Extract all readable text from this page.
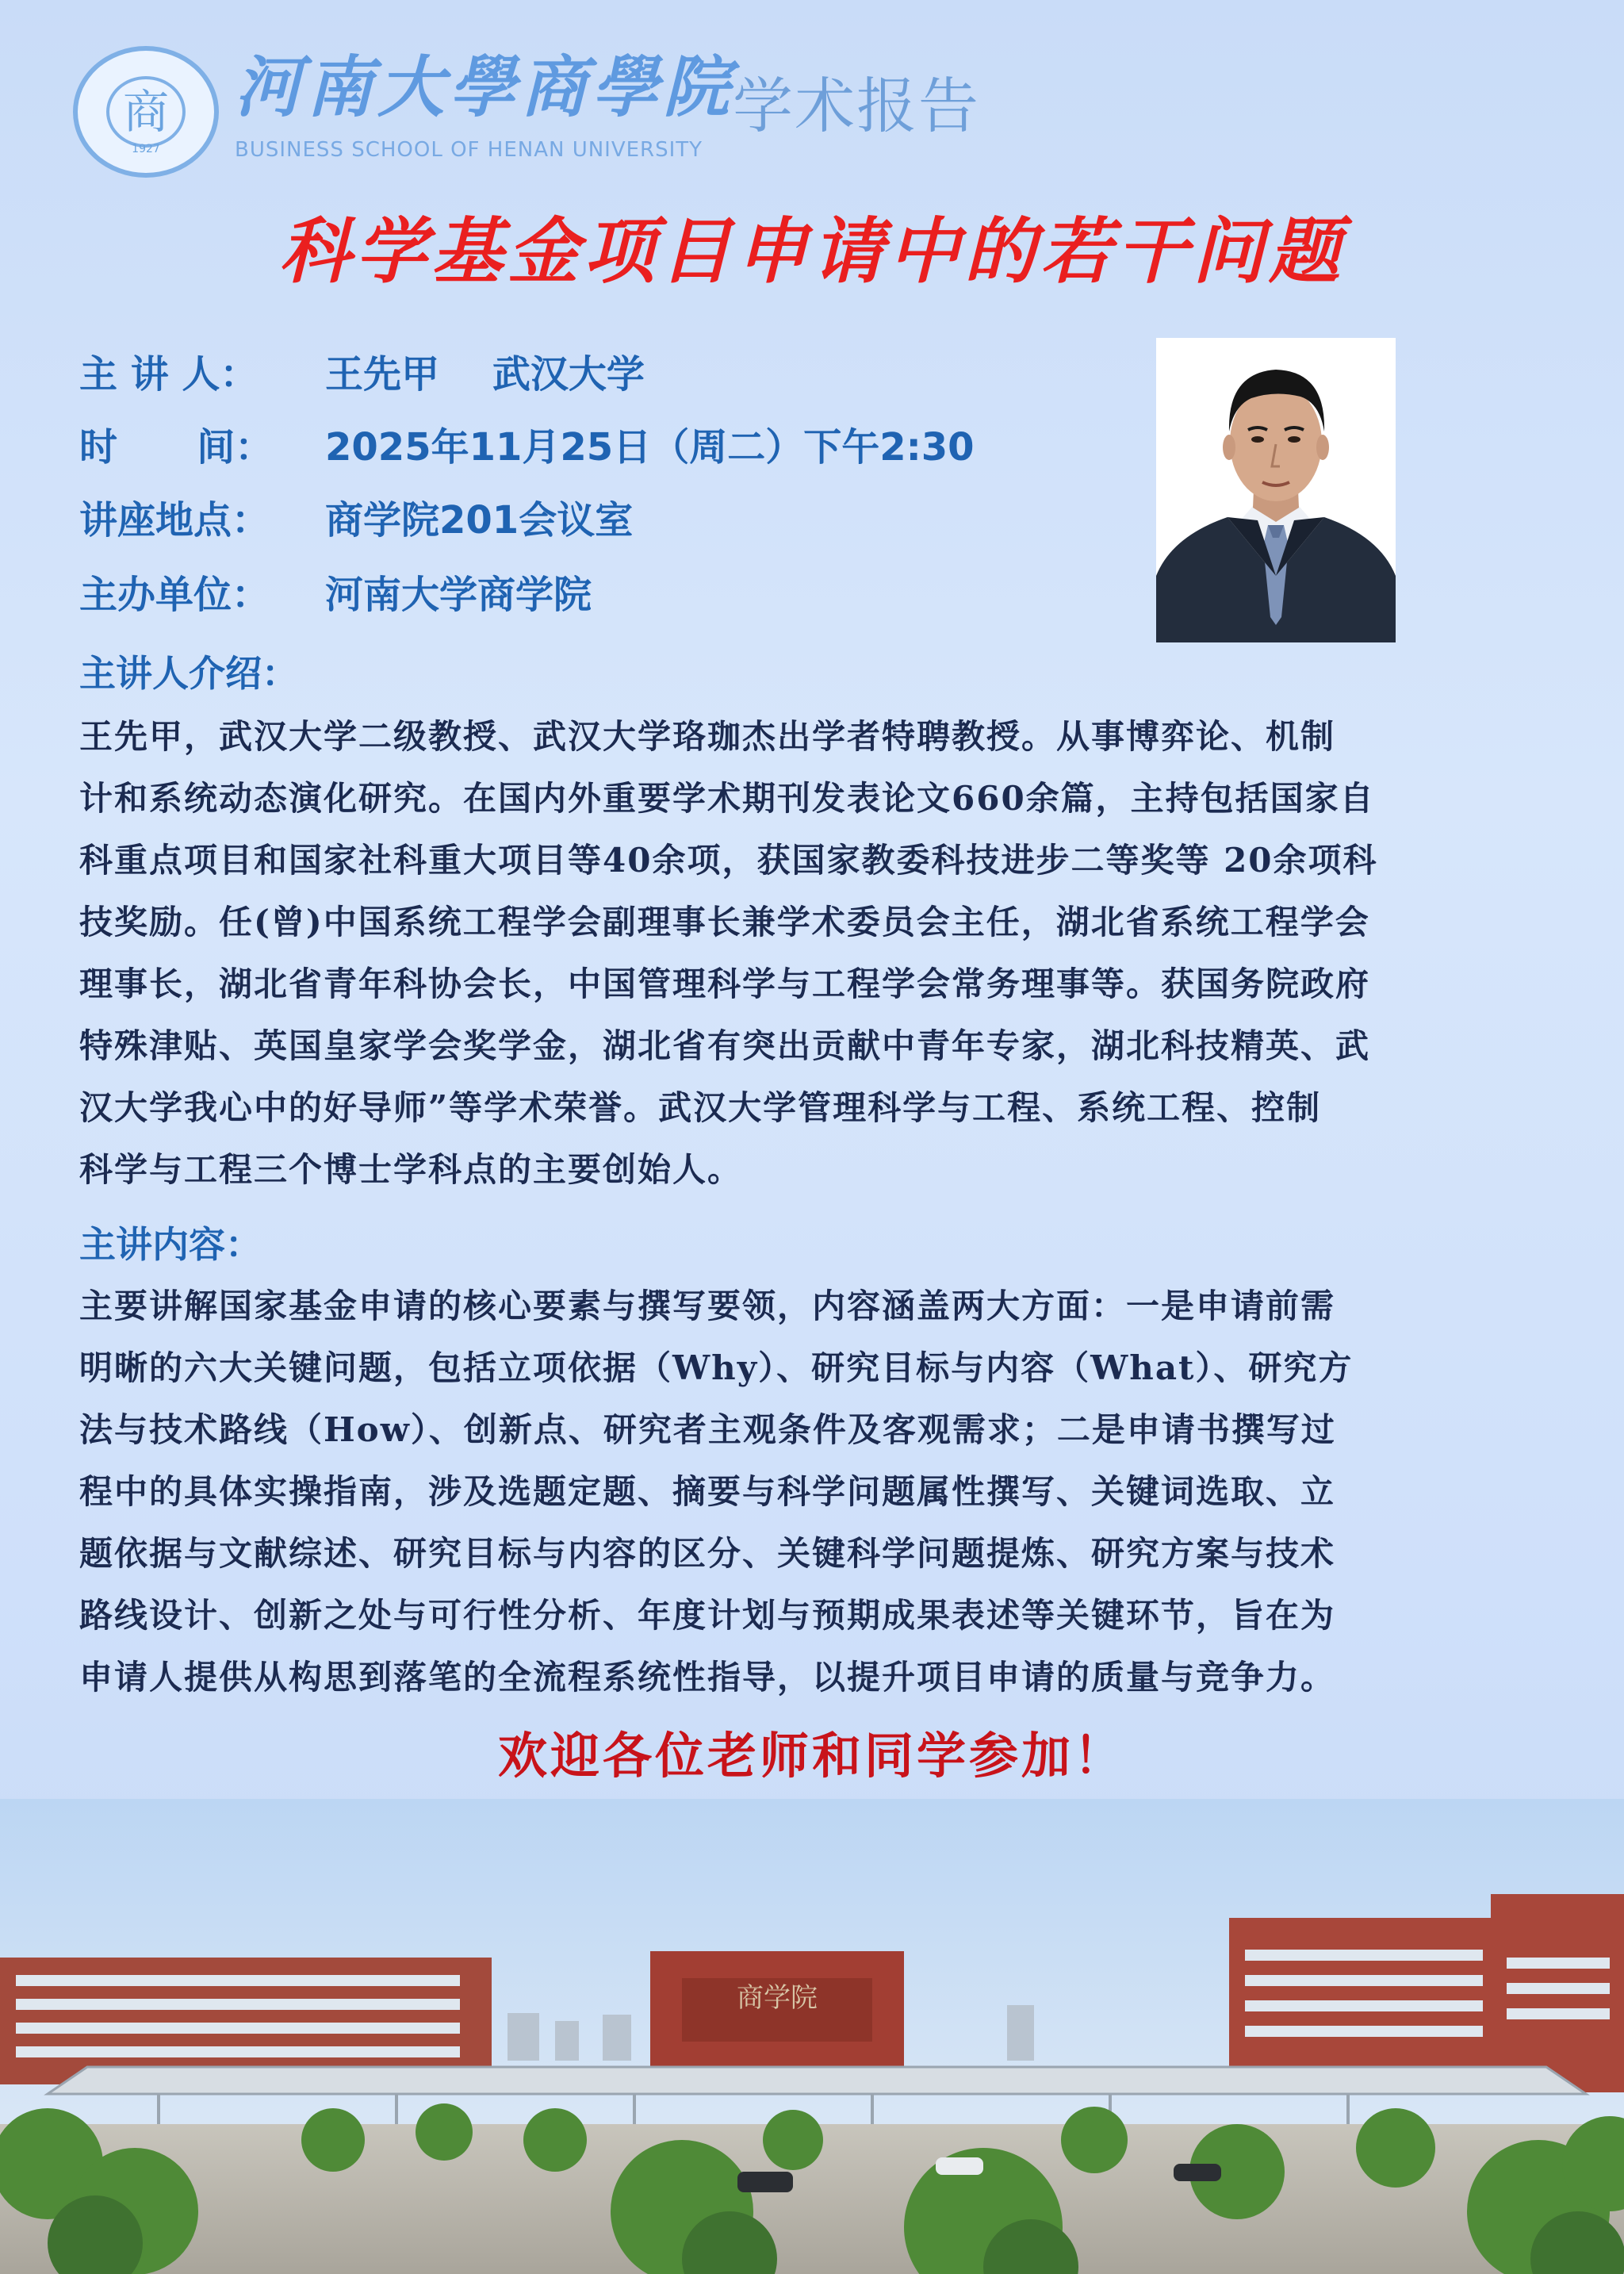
商
1927
河南大學商學院
BUSINESS SCHOOL OF HENAN UNIVERSITY
学术报告
科学基金项目申请中的若干问题
主 讲 人： 王先甲    武汉大学
时      间： 2025年11月25日（周二）下午2:30
讲座地点： 商学院201会议室
主办单位： 河南大学商学院
主讲人介绍：
王先甲，武汉大学二级教授、武汉大学珞珈杰出学者特聘教授。从事博弈论、机制
计和系统动态演化研究。在国内外重要学术期刊发表论文660余篇，主持包括国家自
科重点项目和国家社科重大项目等40余项，获国家教委科技进步二等奖等 20余项科
技奖励。任(曾)中国系统工程学会副理事长兼学术委员会主任，湖北省系统工程学会
理事长，湖北省青年科协会长，中国管理科学与工程学会常务理事等。获国务院政府
特殊津贴、英国皇家学会奖学金，湖北省有突出贡献中青年专家，湖北科技精英、武
汉大学我心中的好导师”等学术荣誉。武汉大学管理科学与工程、系统工程、控制
科学与工程三个博士学科点的主要创始人。
主讲内容：
主要讲解国家基金申请的核心要素与撰写要领，内容涵盖两大方面：一是申请前需
明晰的六大关键问题，包括立项依据（Why）、研究目标与内容（What）、研究方
法与技术路线（How）、创新点、研究者主观条件及客观需求；二是申请书撰写过
程中的具体实操指南，涉及选题定题、摘要与科学问题属性撰写、关键词选取、立
题依据与文献综述、研究目标与内容的区分、关键科学问题提炼、研究方案与技术
路线设计、创新之处与可行性分析、年度计划与预期成果表述等关键环节，旨在为
申请人提供从构思到落笔的全流程系统性指导，以提升项目申请的质量与竞争力。
欢迎各位老师和同学参加！
商学院
